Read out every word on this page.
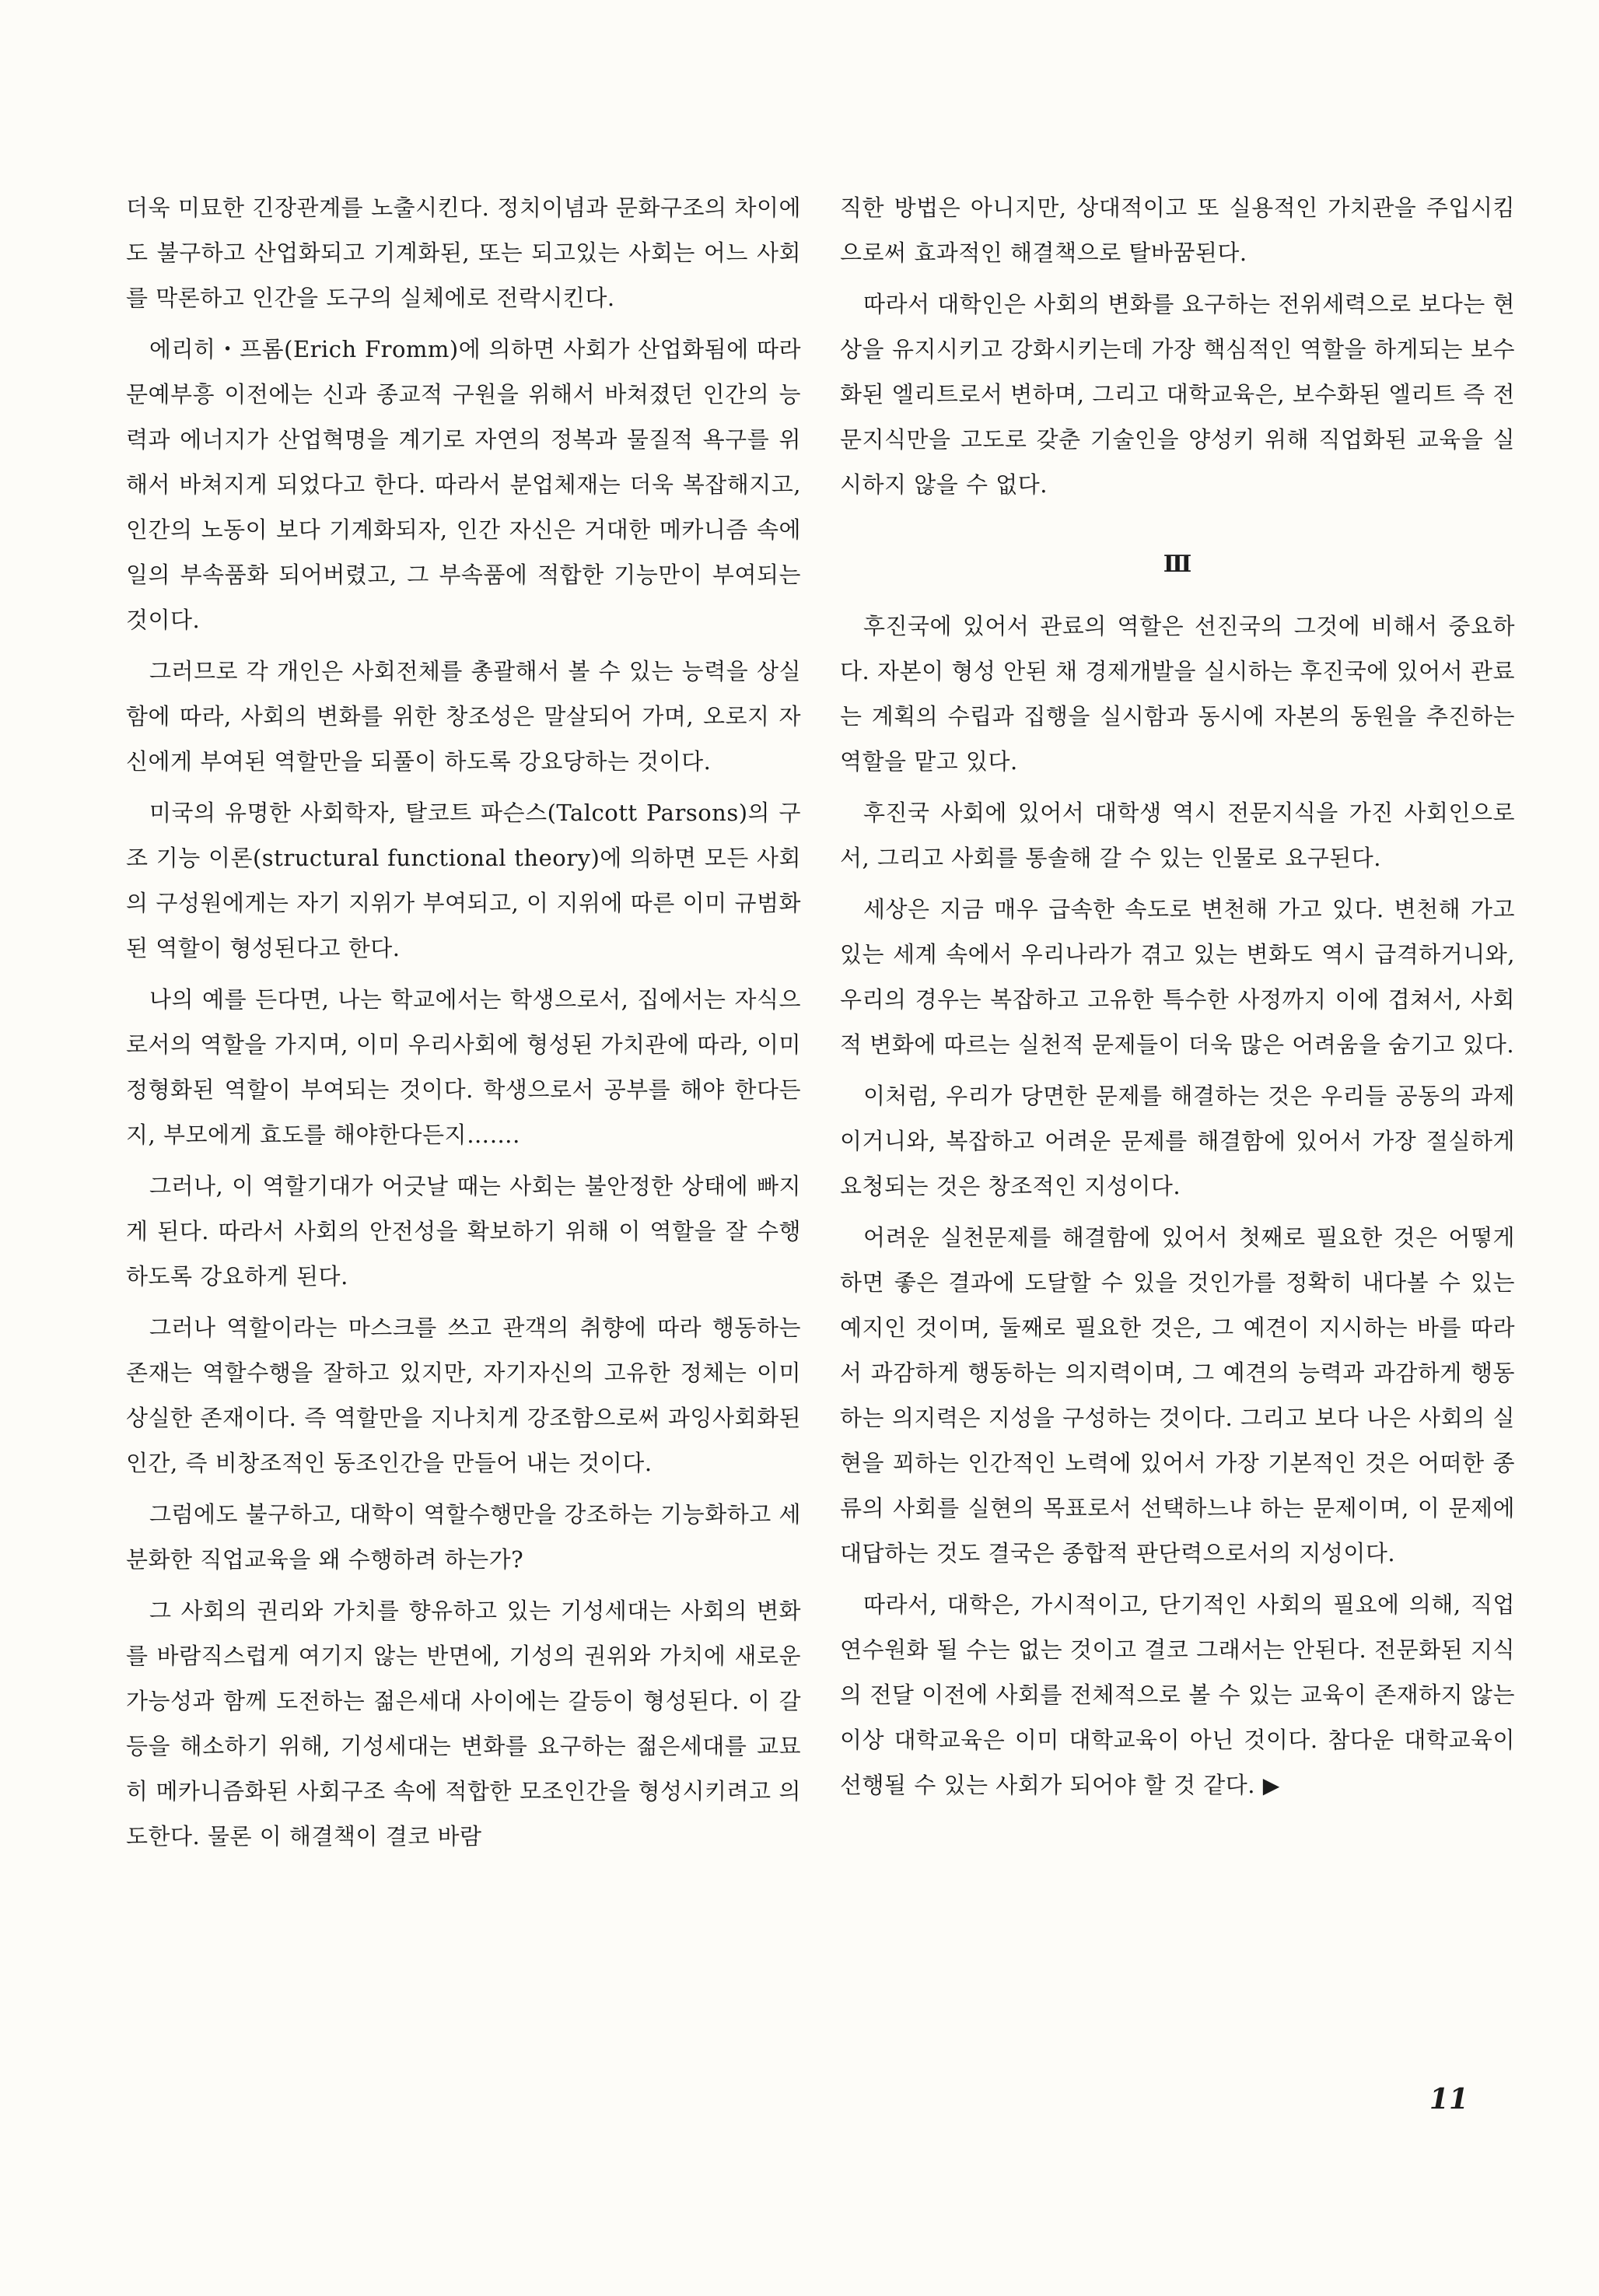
더욱 미묘한 긴장관계를 노출시킨다. 정치이념과 문화구조의 차이에도 불구하고 산업화되고 기계화된, 또는 되고있는 사회는 어느 사회를 막론하고 인간을 도구의 실체에로 전락시킨다.

에리히・프롬(Erich Fromm)에 의하면 사회가 산업화됨에 따라 문예부흥 이전에는 신과 종교적 구원을 위해서 바쳐졌던 인간의 능력과 에너지가 산업혁명을 계기로 자연의 정복과 물질적 욕구를 위해서 바쳐지게 되었다고 한다. 따라서 분업체재는 더욱 복잡해지고, 인간의 노동이 보다 기계화되자, 인간 자신은 거대한 메카니즘 속에 일의 부속품화 되어버렸고, 그 부속품에 적합한 기능만이 부여되는 것이다.

그러므로 각 개인은 사회전체를 총괄해서 볼 수 있는 능력을 상실함에 따라, 사회의 변화를 위한 창조성은 말살되어 가며, 오로지 자신에게 부여된 역할만을 되풀이 하도록 강요당하는 것이다.

미국의 유명한 사회학자, 탈코트 파슨스(Talcott Parsons)의 구조 기능 이론(structural functional theory)에 의하면 모든 사회의 구성원에게는 자기 지위가 부여되고, 이 지위에 따른 이미 규범화된 역할이 형성된다고 한다.

나의 예를 든다면, 나는 학교에서는 학생으로서, 집에서는 자식으로서의 역할을 가지며, 이미 우리사회에 형성된 가치관에 따라, 이미 정형화된 역할이 부여되는 것이다. 학생으로서 공부를 해야 한다든지, 부모에게 효도를 해야한다든지…….

그러나, 이 역할기대가 어긋날 때는 사회는 불안정한 상태에 빠지게 된다. 따라서 사회의 안전성을 확보하기 위해 이 역할을 잘 수행하도록 강요하게 된다.

그러나 역할이라는 마스크를 쓰고 관객의 취향에 따라 행동하는 존재는 역할수행을 잘하고 있지만, 자기자신의 고유한 정체는 이미 상실한 존재이다. 즉 역할만을 지나치게 강조함으로써 과잉사회화된 인간, 즉 비창조적인 동조인간을 만들어 내는 것이다.

그럼에도 불구하고, 대학이 역할수행만을 강조하는 기능화하고 세분화한 직업교육을 왜 수행하려 하는가?

그 사회의 권리와 가치를 향유하고 있는 기성세대는 사회의 변화를 바람직스럽게 여기지 않는 반면에, 기성의 권위와 가치에 새로운 가능성과 함께 도전하는 젊은세대 사이에는 갈등이 형성된다. 이 갈등을 해소하기 위해, 기성세대는 변화를 요구하는 젊은세대를 교묘히 메카니즘화된 사회구조 속에 적합한 모조인간을 형성시키려고 의도한다. 물론 이 해결책이 결코 바람

직한 방법은 아니지만, 상대적이고 또 실용적인 가치관을 주입시킴으로써 효과적인 해결책으로 탈바꿈된다.

따라서 대학인은 사회의 변화를 요구하는 전위세력으로 보다는 현상을 유지시키고 강화시키는데 가장 핵심적인 역할을 하게되는 보수화된 엘리트로서 변하며, 그리고 대학교육은, 보수화된 엘리트 즉 전문지식만을 고도로 갖춘 기술인을 양성키 위해 직업화된 교육을 실시하지 않을 수 없다.

Ⅲ

후진국에 있어서 관료의 역할은 선진국의 그것에 비해서 중요하다. 자본이 형성 안된 채 경제개발을 실시하는 후진국에 있어서 관료는 계획의 수립과 집행을 실시함과 동시에 자본의 동원을 추진하는 역할을 맡고 있다.

후진국 사회에 있어서 대학생 역시 전문지식을 가진 사회인으로서, 그리고 사회를 통솔해 갈 수 있는 인물로 요구된다.

세상은 지금 매우 급속한 속도로 변천해 가고 있다. 변천해 가고 있는 세계 속에서 우리나라가 겪고 있는 변화도 역시 급격하거니와, 우리의 경우는 복잡하고 고유한 특수한 사정까지 이에 겹쳐서, 사회적 변화에 따르는 실천적 문제들이 더욱 많은 어려움을 숨기고 있다.

이처럼, 우리가 당면한 문제를 해결하는 것은 우리들 공동의 과제이거니와, 복잡하고 어려운 문제를 해결함에 있어서 가장 절실하게 요청되는 것은 창조적인 지성이다.

어려운 실천문제를 해결함에 있어서 첫째로 필요한 것은 어떻게 하면 좋은 결과에 도달할 수 있을 것인가를 정확히 내다볼 수 있는 예지인 것이며, 둘째로 필요한 것은, 그 예견이 지시하는 바를 따라서 과감하게 행동하는 의지력이며, 그 예견의 능력과 과감하게 행동하는 의지력은 지성을 구성하는 것이다. 그리고 보다 나은 사회의 실현을 꾀하는 인간적인 노력에 있어서 가장 기본적인 것은 어떠한 종류의 사회를 실현의 목표로서 선택하느냐 하는 문제이며, 이 문제에 대답하는 것도 결국은 종합적 판단력으로서의 지성이다.

따라서, 대학은, 가시적이고, 단기적인 사회의 필요에 의해, 직업연수원화 될 수는 없는 것이고 결코 그래서는 안된다. 전문화된 지식의 전달 이전에 사회를 전체적으로 볼 수 있는 교육이 존재하지 않는 이상 대학교육은 이미 대학교육이 아닌 것이다. 참다운 대학교육이 선행될 수 있는 사회가 되어야 할 것 같다. ▶

11
